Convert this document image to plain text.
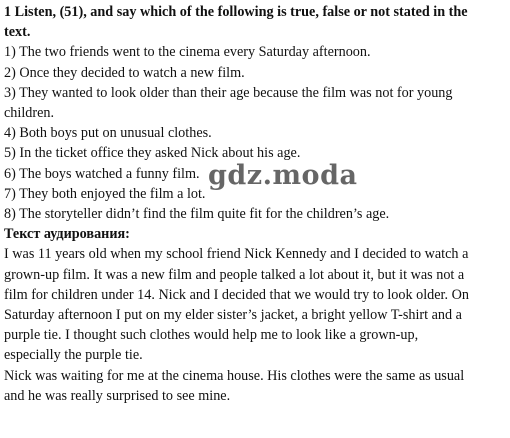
1 Listen, (51), and say which of the following is true, false or not stated in the

text.

1) The two friends went to the cinema every Saturday afternoon.

2) Once they decided to watch a new film.

3) They wanted to look older than their age because the film was not for young

children.

4) Both boys put on unusual clothes.

5) In the ticket office they asked Nick about his age.

6) The boys watched a funny film.

7) They both enjoyed the film a lot.

8) The storyteller didn’t find the film quite fit for the children’s age.

Текст аудирования:

I was 11 years old when my school friend Nick Kennedy and I decided to watch a

grown-up film. It was a new film and people talked a lot about it, but it was not a

film for children under 14. Nick and I decided that we would try to look older. On

Saturday afternoon I put on my elder sister’s jacket, a bright yellow T-shirt and a

purple tie. I thought such clothes would help me to look like a grown-up,

especially the purple tie.

Nick was waiting for me at the cinema house. His clothes were the same as usual

and he was really surprised to see mine.

gdz.moda
